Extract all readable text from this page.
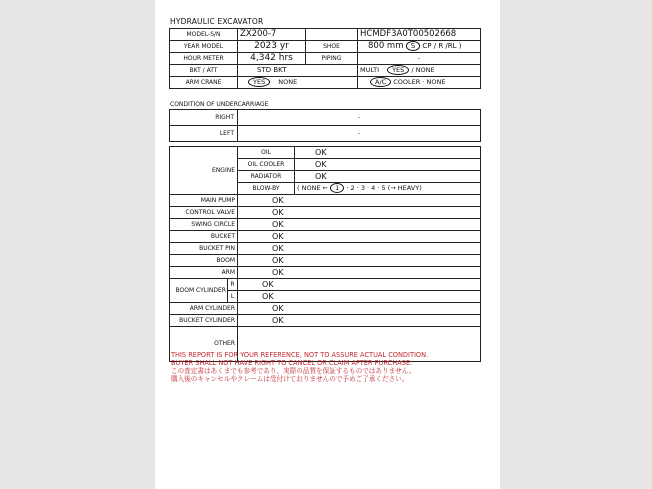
HYDRAULIC EXCAVATOR
MODEL-S/N	ZX200-7		HCMDF3A0T00502668
YEAR MODEL	2023 yr	SHOE	800 mm S CP / R /RL )
HOUR METER	4,342 hrs	PIPING	-
BKT / ATT	STD BKT		MULTI YES / NONE
ARM CRANE	YES NONE		A/C COOLER · NONE
CONDITION OF UNDERCARRIAGE
RIGHT	-
LEFT	-
ENGINE		OIL	OK
		OIL COOLER	OK
		RADIATOR	OK
		BLOW-BY	( NONE ← 1 · 2 · 3 · 4 · 5 (→ HEAVY)
MAIN PUMP		OK	
CONTROL VALVE		OK	
SWING CIRCLE		OK	
BUCKET		OK	
BUCKET PIN		OK	
BOOM		OK	
ARM		OK	
BOOM CYLINDER	R	OK	
	L	OK	
ARM CYLINDER		OK	
BUCKET CYLINDER		OK	
OTHER			
THIS REPORT IS FOR YOUR REFERENCE, NOT TO ASSURE ACTUAL CONDITION.
BUYER SHALL NOT HAVE RIGHT TO CANCEL OR CLAIM AFTER PURCHASE.
この査定書はあくまでも参考であり、実際の品質を保証するものではありません。
購入後のキャンセルやクレームは受付けておりませんので予めご了承ください。
